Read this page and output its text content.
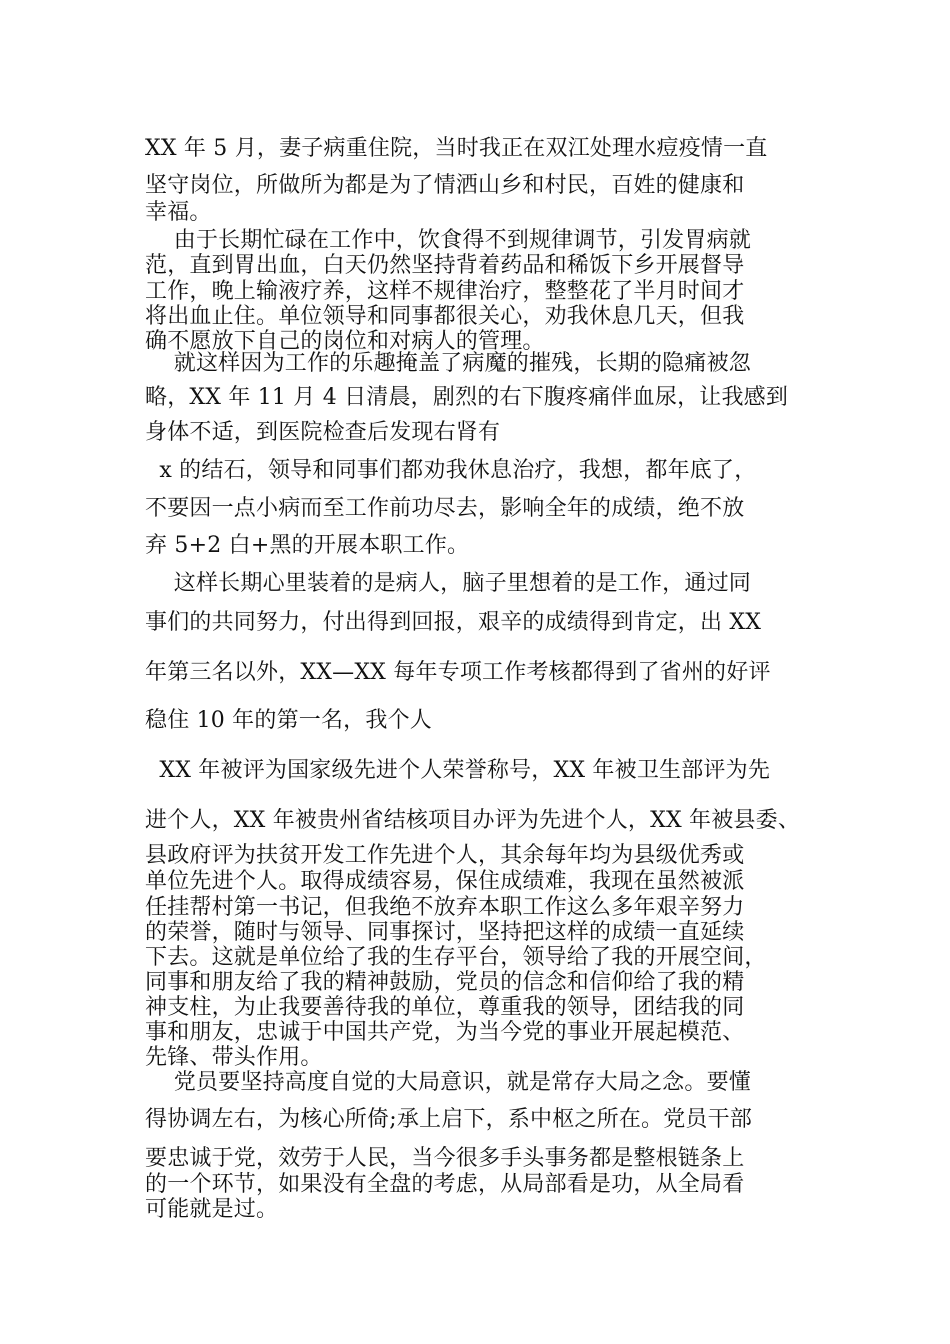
XX 年 5 月，妻子病重住院，当时我正在双江处理水痘疫情一直
坚守岗位，所做所为都是为了情洒山乡和村民，百姓的健康和
幸福。
由于长期忙碌在工作中，饮食得不到规律调节，引发胃病就
范，直到胃出血，白天仍然坚持背着药品和稀饭下乡开展督导
工作，晚上输液疗养，这样不规律治疗，整整花了半月时间才
将出血止住。单位领导和同事都很关心，劝我休息几天，但我
确不愿放下自己的岗位和对病人的管理。
就这样因为工作的乐趣掩盖了病魔的摧残，长期的隐痛被忽
略，XX 年 11 月 4 日清晨，剧烈的右下腹疼痛伴血尿，让我感到
身体不适，到医院检查后发现右肾有
x 的结石，领导和同事们都劝我休息治疗，我想，都年底了，
不要因一点小病而至工作前功尽去，影响全年的成绩，绝不放
弃 5+2 白+黑的开展本职工作。
这样长期心里装着的是病人，脑子里想着的是工作，通过同
事们的共同努力，付出得到回报，艰辛的成绩得到肯定，出 XX
年第三名以外，XX—XX 每年专项工作考核都得到了省州的好评
稳住 10 年的第一名，我个人
XX 年被评为国家级先进个人荣誉称号，XX 年被卫生部评为先
进个人，XX 年被贵州省结核项目办评为先进个人，XX 年被县委、
县政府评为扶贫开发工作先进个人，其余每年均为县级优秀或
单位先进个人。取得成绩容易，保住成绩难，我现在虽然被派
任挂帮村第一书记，但我绝不放弃本职工作这么多年艰辛努力
的荣誉，随时与领导、同事探讨，坚持把这样的成绩一直延续
下去。这就是单位给了我的生存平台，领导给了我的开展空间，
同事和朋友给了我的精神鼓励，党员的信念和信仰给了我的精
神支柱，为止我要善待我的单位，尊重我的领导，团结我的同
事和朋友，忠诚于中国共产党，为当今党的事业开展起模范、
先锋、带头作用。
党员要坚持高度自觉的大局意识，就是常存大局之念。要懂
得协调左右，为核心所倚;承上启下，系中枢之所在。党员干部
要忠诚于党，效劳于人民，当今很多手头事务都是整根链条上
的一个环节，如果没有全盘的考虑，从局部看是功，从全局看
可能就是过。
